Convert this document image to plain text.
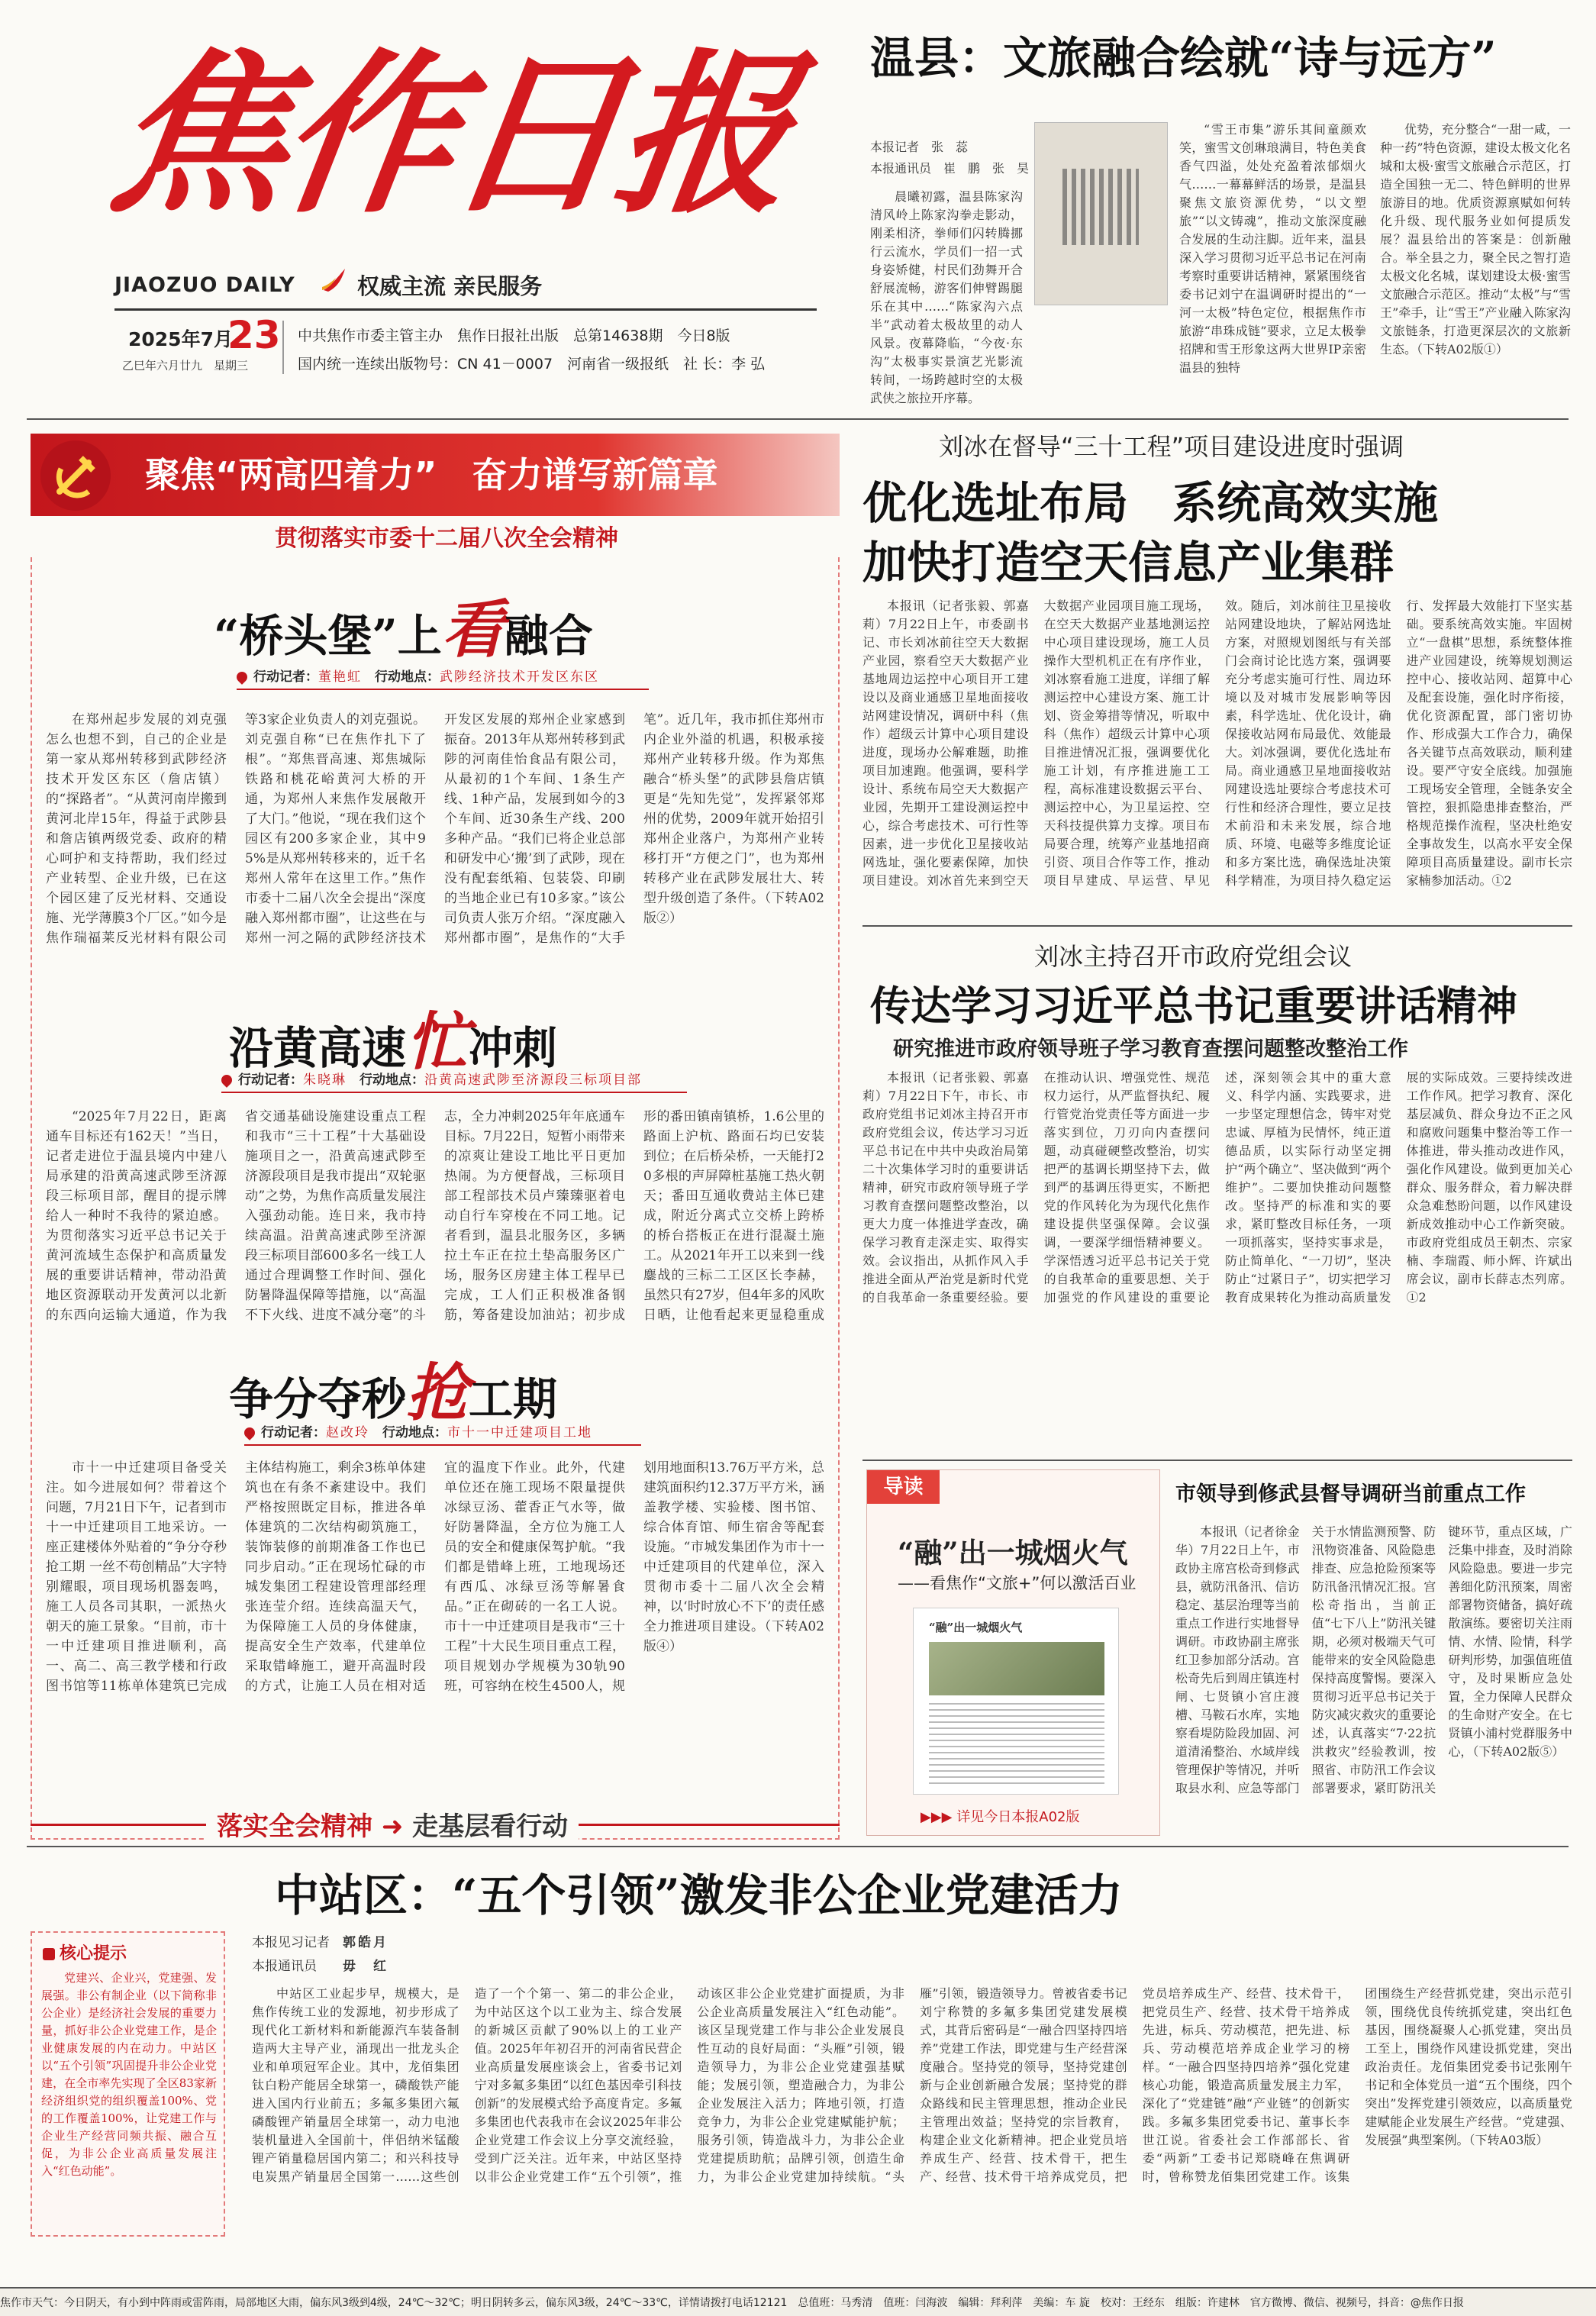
焦作日报
JIAOZUO DAILY	权威主流 亲民服务
2025年7月
23
乙巳年六月廿九　星期三
中共焦作市委主管主办　焦作日报社出版　总第14638期　今日8版
国内统一连续出版物号：CN 41－0007　河南省一级报纸　社 长：李 弘
温县：文旅融合绘就“诗与远方”
本报记者　张　蕊
本报通讯员　崔　鹏　张　昊
晨曦初露，温县陈家沟清风岭上陈家沟拳走影动，刚柔相济，拳师们闪转腾挪行云流水，学员们一招一式身姿矫健，村民们劲舞开合舒展流畅，游客们伸臂踢腿乐在其中……“陈家沟六点半”武动着太极故里的动人风景。夜幕降临，“今夜·东沟”太极事实景演艺光影流转间，一场跨越时空的太极武侠之旅拉开序幕。
“雪王市集”游乐其间童颜欢笑，蜜雪文创琳琅满目，特色美食香气四溢，处处充盈着浓郁烟火气……一幕幕鲜活的场景，是温县聚焦文旅资源优势，“以文塑旅”“以文铸魂”，推动文旅深度融合发展的生动注脚。近年来，温县深入学习贯彻习近平总书记在河南考察时重要讲话精神，紧紧围绕省委书记刘宁在温调研时提出的“一河一太极”特色定位，根据焦作市旅游“串珠成链”要求，立足太极拳招牌和雪王形象这两大世界IP亲密温县的独特
优势，充分整合“一甜一咸，一种一药”特色资源，建设太极文化名城和太极·蜜雪文旅融合示范区，打造全国独一无二、特色鲜明的世界旅游目的地。优质资源禀赋如何转化升级、现代服务业如何提质发展？温县给出的答案是：创新融合。举全县之力，聚全民之智打造太极文化名城，谋划建设太极·蜜雪文旅融合示范区。推动“太极”与“雪王”牵手，让“雪王”产业融入陈家沟文旅链条，打造更深层次的文旅新生态。（下转A02版①）
聚焦“两高四着力”　奋力谱写新篇章
贯彻落实市委十二届八次全会精神
“桥头堡”上看融合
行动记者：董艳虹　 行动地点：武陟经济技术开发区东区
在郑州起步发展的刘克强怎么也想不到，自己的企业是第一家从郑州转移到武陟经济技术开发区东区（詹店镇）的“探路者”。“从黄河南岸搬到黄河北岸15年，得益于武陟县和詹店镇两级党委、政府的精心呵护和支持帮助，我们经过产业转型、企业升级，已在这个园区建了反光材料、交通设施、光学薄膜3个厂区。”如今是焦作瑞福莱反光材料有限公司等3家企业负责人的刘克强说。刘克强自称“已在焦作扎下了根”。“郑焦晋高速、郑焦城际铁路和桃花峪黄河大桥的开通，为郑州人来焦作发展敞开了大门。”他说，“现在我们这个园区有200多家企业，其中95%是从郑州转移来的，近千名郑州人常年在这里工作。”焦作市委十二届八次全会提出“深度融入郑州都市圈”，让这些在与郑州一河之隔的武陟经济技术开发区发展的郑州企业家感到振奋。2013年从郑州转移到武陟的河南佳怡食品有限公司，从最初的1个车间、1条生产线、1种产品，发展到如今的3个车间、近30条生产线、200多种产品。“我们已将企业总部和研发中心‘搬’到了武陟，现在没有配套纸箱、包装袋、印刷的当地企业已有10多家。”该公司负责人张万介绍。“深度融入郑州都市圈”，是焦作的“大手笔”。近几年，我市抓住郑州市内企业外溢的机遇，积极承接郑州产业转移升级。作为郑焦融合“桥头堡”的武陟县詹店镇更是“先知先觉”，发挥紧邻郑州的优势，2009年就开始招引郑州企业落户，为郑州产业转移打开“方便之门”，也为郑州转移产业在武陟发展壮大、转型升级创造了条件。（下转A02版②）
沿黄高速忙冲刺
行动记者：朱晓琳　 行动地点：沿黄高速武陟至济源段三标项目部
“2025年7月22日，距离通车目标还有162天！”当日，记者走进位于温县境内中建八局承建的沿黄高速武陟至济源段三标项目部，醒目的提示牌给人一种时不我待的紧迫感。为贯彻落实习近平总书记关于黄河流域生态保护和高质量发展的重要讲话精神，带动沿黄地区资源联动开发黄河以北新的东西向运输大通道，作为我省交通基础设施建设重点工程和我市“三十工程”十大基础设施项目之一，沿黄高速武陟至济源段项目是我市提出“双轮驱动”之势，为焦作高质量发展注入强劲动能。连日来，我市持续高温。沿黄高速武陟至济源段三标项目部600多名一线工人通过合理调整工作时间、强化防暑降温保障等措施，以“高温不下火线、进度不减分毫”的斗志，全力冲刺2025年年底通车目标。7月22日，短暂小雨带来的凉爽让建设工地比平日更加热闹。为方便督战，三标项目部工程部技术员卢臻臻驱着电动自行车穿梭在不同工地。记者看到，温县北服务区，多辆拉土车正在拉土垫高服务区广场，服务区房建主体工程早已完成，工人们正积极准备钢筋，筹备建设加油站；初步成形的番田镇南镇桥，1.6公里的路面上沪杭、路面石均已安装到位；在后桥朵桥，一天能打20多根的声屏障桩基施工热火朝天；番田互通收费站主体已建成，附近分离式立交桥上跨桥的桥台搭板正在进行混凝土施工。从2021年开工以来到一线鏖战的三标二工区区长李赫，虽然只有27岁，但4年多的风吹日晒，让他看起来更显稳重成
争分夺秒抢工期
行动记者：赵改玲　 行动地点：市十一中迁建项目工地
市十一中迁建项目备受关注。如今进展如何？带着这个问题，7月21日下午，记者到市十一中迁建项目工地采访。一座正建楼体外贴着的“争分夺秒抢工期 一丝不苟创精品”大字特别耀眼，项目现场机器轰鸣，施工人员各司其职，一派热火朝天的施工景象。“目前，市十一中迁建项目推进顺利，高一、高二、高三教学楼和行政图书馆等11栋单体建筑已完成主体结构施工，剩余3栋单体建筑也在有条不紊建设中。我们严格按照既定目标，推进各单体建筑的二次结构砌筑施工，装饰装修的前期准备工作也已同步启动。”正在现场忙碌的市城发集团工程建设管理部经理张连莹介绍。连续高温天气，为保障施工人员的身体健康，提高安全生产效率，代建单位采取错峰施工，避开高温时段的方式，让施工人员在相对适宜的温度下作业。此外，代建单位还在施工现场不限量提供冰绿豆汤、藿香正气水等，做好防暑降温，全方位为施工人员的安全和健康保驾护航。“我们都是错峰上班，工地现场还有西瓜、冰绿豆汤等解暑食品。”正在砌砖的一名工人说。市十一中迁建项目是我市“三十工程”十大民生项目重点工程，项目规划办学规模为30轨90班，可容纳在校生4500人，规划用地面积13.76万平方米，总建筑面积约12.37万平方米，涵盖教学楼、实验楼、图书馆、综合体育馆、师生宿舍等配套设施。“市城发集团作为市十一中迁建项目的代建单位，深入贯彻市委十二届八次全会精神，以‘时时放心不下’的责任感全力推进项目建设。（下转A02版④）
落实全会精神 ➜ 走基层看行动
刘冰在督导“三十工程”项目建设进度时强调
优化选址布局　系统高效实施
加快打造空天信息产业集群
本报讯（记者张毅、郭嘉莉）7月22日上午，市委副书记、市长刘冰前往空天大数据产业园，察看空天大数据产业基地周边运控中心项目开工建设以及商业通感卫星地面接收站网建设情况，调研中科（焦作）超级云计算中心项目建设进度，现场办公解难题，助推项目加速跑。他强调，要科学设计、系统布局空天大数据产业园，先期开工建设测运控中心，综合考虑技术、可行性等因素，进一步优化卫星接收站网选址，强化要素保障，加快项目建设。刘冰首先来到空天大数据产业园项目施工现场，在空天大数据产业基地测运控中心项目建设现场，施工人员操作大型机机正在有序作业，刘冰察看施工进度，详细了解测运控中心建设方案、施工计划、资金筹措等情况，听取中科（焦作）超级云计算中心项目推进情况汇报，强调要优化施工计划，有序推进施工工程，高标准建设数据云平台、测运控中心，为卫星运控、空天科技提供算力支撑。项目布局要合理，统筹产业基地招商引资、项目合作等工作，推动项目早建成、早运营、早见效。随后，刘冰前往卫星接收站网建设地块，了解站网选址方案，对照规划图纸与有关部门会商讨论比选方案，强调要充分考虑实施可行性、周边环境以及对城市发展影响等因素，科学选址、优化设计，确保接收站网布局最优、效能最大。刘冰强调，要优化选址布局。商业通感卫星地面接收站网建设选址要综合考虑技术可行性和经济合理性，要立足技术前沿和未来发展，综合地质、环境、电磁等多维度论证和多方案比选，确保选址决策科学精准，为项目持久稳定运行、发挥最大效能打下坚实基础。要系统高效实施。牢固树立“一盘棋”思想，系统整体推进产业园建设，统筹规划测运控中心、接收站网、超算中心及配套设施，强化时序衔接，优化资源配置，部门密切协作、形成强大工作合力，确保各关键节点高效联动，顺利建设。要严守安全底线。加强施工现场安全管理，全链条安全管控，狠抓隐患排查整治，严格规范操作流程，坚决杜绝安全事故发生，以高水平安全保障项目高质量建设。副市长宗家楠参加活动。①2
刘冰主持召开市政府党组会议
传达学习习近平总书记重要讲话精神
研究推进市政府领导班子学习教育查摆问题整改整治工作
本报讯（记者张毅、郭嘉莉）7月22日下午，市长、市政府党组书记刘冰主持召开市政府党组会议，传达学习习近平总书记在中共中央政治局第二十次集体学习时的重要讲话精神，研究市政府领导班子学习教育查摆问题整改整治，以更大力度一体推进学查改，确保学习教育走深走实、取得实效。会议指出，从抓作风入手推进全面从严治党是新时代党的自我革命一条重要经验。要在推动认识、增强党性、规范权力运行，从严监督执纪、履行管党治党责任等方面进一步落实到位，刀刃向内查摆问题，动真碰硬整改整治，切实把严的基调长期坚持下去，做到严的基调压得更实，不断把党的作风转化为为现代化焦作建设提供坚强保障。会议强调，一要深学细悟精神要义。学深悟透习近平总书记关于党的自我革命的重要思想、关于加强党的作风建设的重要论述，深刻领会其中的重大意义、科学内涵、实践要求，进一步坚定理想信念，铸牢对党忠诚、厚植为民情怀，纯正道德品质，以实际行动坚定拥护“两个确立”、坚决做到“两个维护”。二要加快推动问题整改。坚持严的标准和实的要求，紧盯整改目标任务，一项一项抓落实，坚持实事求是，防止简单化、“一刀切”，坚决防止“过紧日子”，切实把学习教育成果转化为推动高质量发展的实际成效。三要持续改进工作作风。把学习教育、深化基层减负、群众身边不正之风和腐败问题集中整治等工作一体推进，带头推动改进作风，强化作风建设。做到更加关心群众、服务群众，着力解决群众急难愁盼问题，以作风建设新成效推动中心工作新突破。市政府党组成员王朝杰、宗家楠、李瑞霞、师小辉、许斌出席会议，副市长薛志杰列席。①2
导读
“融”出一城烟火气
——看焦作“文旅+”何以激活百业
“融”出一城烟火气
▶▶▶ 详见今日本报A02版
市领导到修武县督导调研当前重点工作
本报讯（记者徐金华）7月22日上午，市政协主席宫松奇到修武县，就防汛备汛、信访稳定、基层治理等当前重点工作进行实地督导调研。市政协副主席张红卫参加部分活动。宫松奇先后到周庄镇连村闸、七贤镇小宫庄渡槽、马鞍石水库，实地察看堤防险段加固、河道清淆整治、水域岸线管理保护等情况，并听取县水利、应急等部门关于水情监测预警、防汛物资准备、风险隐患排查、应急抢险预案等防汛备汛情况汇报。宫松奇指出，当前正值“七下八上”防汛关键期，必须对极端天气可能带来的安全风险隐患保持高度警惕。要深入贯彻习近平总书记关于防灾减灾救灾的重要论述，认真落实“7·22抗洪救灾”经验教训，按照省、市防汛工作会议部署要求，紧盯防汛关键环节，重点区域，广泛集中排查，及时消除风险隐患。要进一步完善细化防汛预案，周密部署物资储备，搞好疏散演练。要密切关注雨情、水情、险情，科学研判形势，加强值班值守，及时果断应急处置，全力保障人民群众的生命财产安全。在七贤镇小浦村党群服务中心，（下转A02版⑤）
中站区：“五个引领”激发非公企业党建活力
核心提示
党建兴、企业兴，党建强、发展强。非公有制企业（以下简称非公企业）是经济社会发展的重要力量，抓好非公企业党建工作，是企业健康发展的内在动力。中站区以“五个引领”巩固提升非公企业党建，在全市率先实现了全区83家新经济组织党的组织覆盖100%、党的工作覆盖100%，让党建工作与企业生产经营同频共振、融合互促，为非公企业高质量发展注入“红色动能”。
本报见习记者　 郭皓月
本报通讯员　　 毋　红
中站区工业起步早，规模大，是焦作传统工业的发源地，初步形成了现代化工新材料和新能源汽车装备制造两大主导产业，涌现出一批龙头企业和单项冠军企业。其中，龙佰集团钛白粉产能居全球第一，磷酸铁产能进入国内行业前五；多氟多集团六氟磷酸锂产销量居全球第一，动力电池装机量进入全国前十，伴侣纳米锰酸锂产销量稳居国内第二；和兴科技导电炭黑产销量居全国第一……这些创造了一个个第一、第二的非公企业，为中站区这个以工业为主、综合发展的新城区贡献了90%以上的工业产值。2025年年初召开的河南省民营企业高质量发展座谈会上，省委书记刘宁对多氟多集团“以红色基因牵引科技创新”的发展模式给予高度肯定。多氟多集团也代表我市在会议2025年非公企业党建工作会议上分享交流经验，受到广泛关注。近年来，中站区坚持以非公企业党建工作“五个引领”，推动该区非公企业党建扩面提质，为非公企业高质量发展注入“红色动能”。该区呈现党建工作与非公企业发展良性互动的良好局面：“头雁”引领，锻造领导力，为非公企业党建强基赋能；发展引领，塑造融合力，为非公企业发展注入活力；阵地引领，打造竞争力，为非公企业党建赋能护航；服务引领，铸造战斗力，为非公企业党建提质助航；品牌引领，创造生命力，为非公企业党建加持续航。“头雁”引领，锻造领导力。曾被省委书记刘宁称赞的多氟多集团党建发展模式，其背后密码是“一融合四坚持四培养”党建工作法，即党建与生产经营深度融合。坚持党的领导，坚持党建创新与企业创新融合发展；坚持党的群众路线和民主管理思想，推动企业民主管理出效益；坚持党的宗旨教育，构建企业文化新精神。把企业党员培养成生产、经营、技术骨干，把生产、经营、技术骨干培养成党员，把党员培养成生产、经营、技术骨干，把党员生产、经营、技术骨干培养成先进，标兵、劳动模范，把先进、标兵、劳动模范培养成企业学习的榜样。“一融合四坚持四培养”强化党建核心功能，锻造高质量发展主力军，深化了“党建链”融“产业链”的创新实践。多氟多集团党委书记、董事长李世江说。省委社会工作部部长、省委“两新”工委书记郑晓峰在焦调研时，曾称赞龙佰集团党建工作。该集团围绕生产经营抓党建，突出示范引领，围绕优良传统抓党建，突出红色基因，围绕凝聚人心抓党建，突出员工至上，围绕作风建设抓党建，突出政治责任。龙佰集团党委书记张刚午书记和全体党员一道“五个围绕，四个突出”发挥党建引领效应，以高质量党建赋能企业发展生产经营。“党建强、发展强”典型案例。（下转A03版）
焦作市天气：今日阴天，有小到中阵雨或雷阵雨，局部地区大雨，偏东风3级到4级，24℃～32℃；明日阴转多云，偏东风3级，24℃～33℃，详情请拨打电话12121　总值班：马秀清　值班：闫海波　编辑：拜利萍　美编：车 旋　校对：王经东　组版：许建林　官方微博、微信、视频号，抖音：@焦作日报
